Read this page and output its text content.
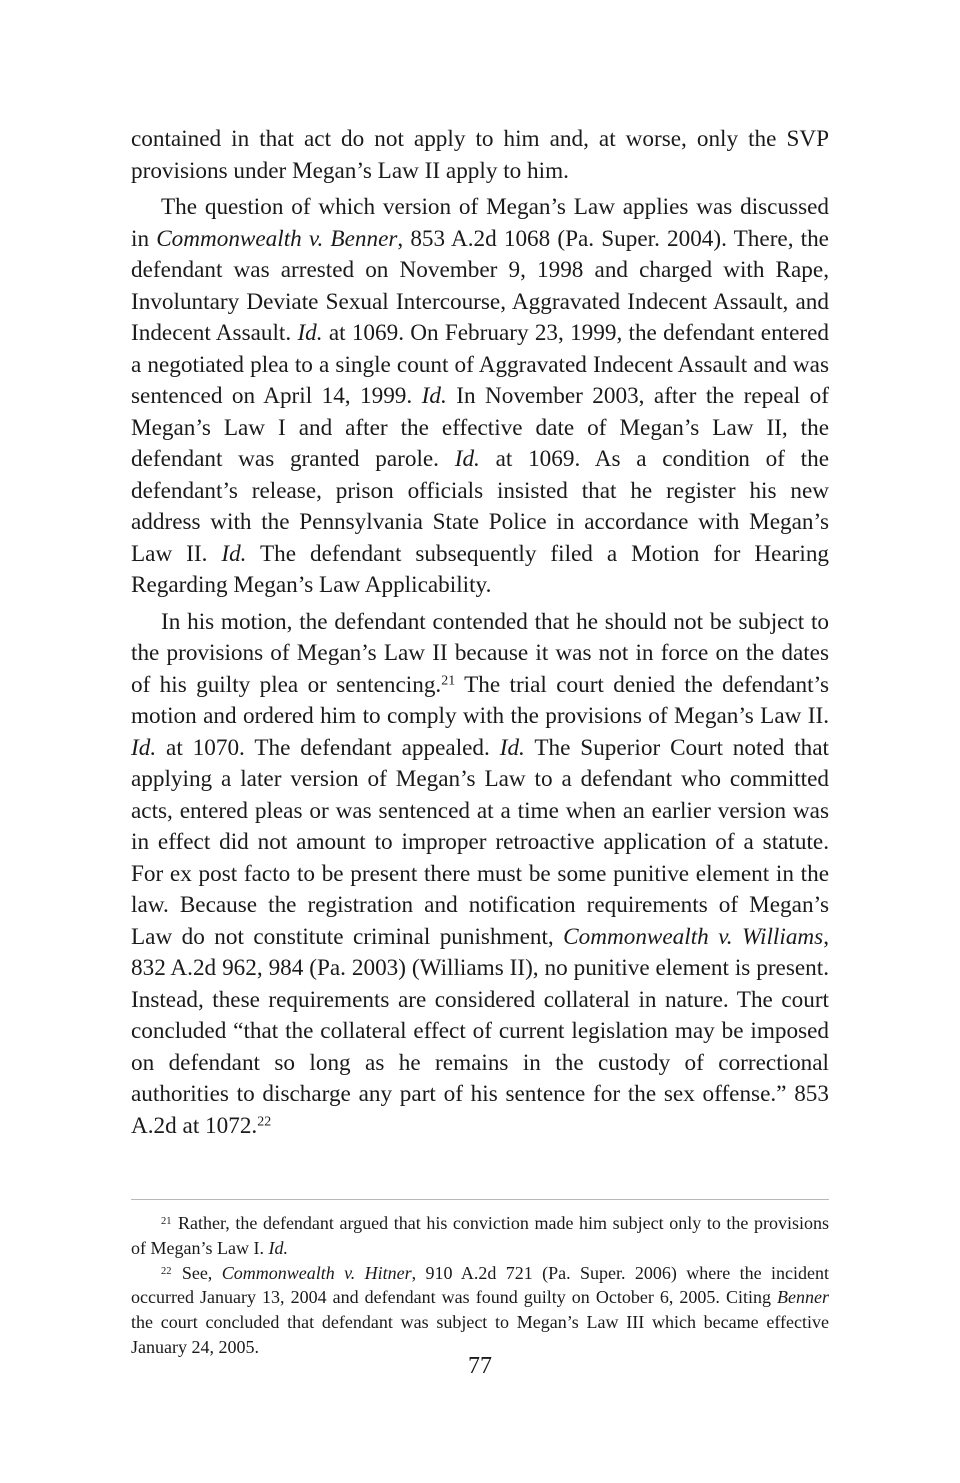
contained in that act do not apply to him and, at worse, only the SVP provisions under Megan’s Law II apply to him.

The question of which version of Megan’s Law applies was discussed in Commonwealth v. Benner, 853 A.2d 1068 (Pa. Super. 2004). There, the defendant was arrested on November 9, 1998 and charged with Rape, Involuntary Deviate Sexual Intercourse, Aggravated Indecent Assault, and Indecent Assault. Id. at 1069. On February 23, 1999, the defendant entered a negotiated plea to a single count of Aggravated Indecent Assault and was sentenced on April 14, 1999. Id. In November 2003, after the repeal of Megan’s Law I and after the effective date of Megan’s Law II, the defendant was granted parole. Id. at 1069. As a condition of the defendant’s release, prison officials insisted that he register his new address with the Pennsylvania State Police in accordance with Megan’s Law II. Id. The defendant subsequently filed a Motion for Hearing Regarding Megan’s Law Applicability.

In his motion, the defendant contended that he should not be subject to the provisions of Megan’s Law II because it was not in force on the dates of his guilty plea or sentencing.$^{21}$ The trial court denied the defendant’s motion and ordered him to comply with the provisions of Megan’s Law II. Id. at 1070. The defendant appealed. Id. The Superior Court noted that applying a later version of Megan’s Law to a defendant who committed acts, entered pleas or was sentenced at a time when an earlier version was in effect did not amount to improper retroactive application of a statute. For ex post facto to be present there must be some punitive element in the law. Because the registration and notification requirements of Megan’s Law do not constitute criminal punishment, Commonwealth v. Williams, 832 A.2d 962, 984 (Pa. 2003) (Williams II), no punitive element is present. Instead, these requirements are considered collateral in nature. The court concluded “that the collateral effect of current legislation may be imposed on defendant so long as he remains in the custody of correctional authorities to discharge any part of his sentence for the sex offense.” 853 A.2d at 1072.22

$^{21}$ Rather, the defendant argued that his conviction made him subject only to the provisions of Megan’s Law I. Id.

$^{22}$ See, Commonwealth v. Hitner, 910 A.2d 721 (Pa. Super. 2006) where the incident occurred January 13, 2004 and defendant was found guilty on October 6, 2005. Citing Benner the court concluded that defendant was subject to Megan’s Law III which became effective January 24, 2005.

77
